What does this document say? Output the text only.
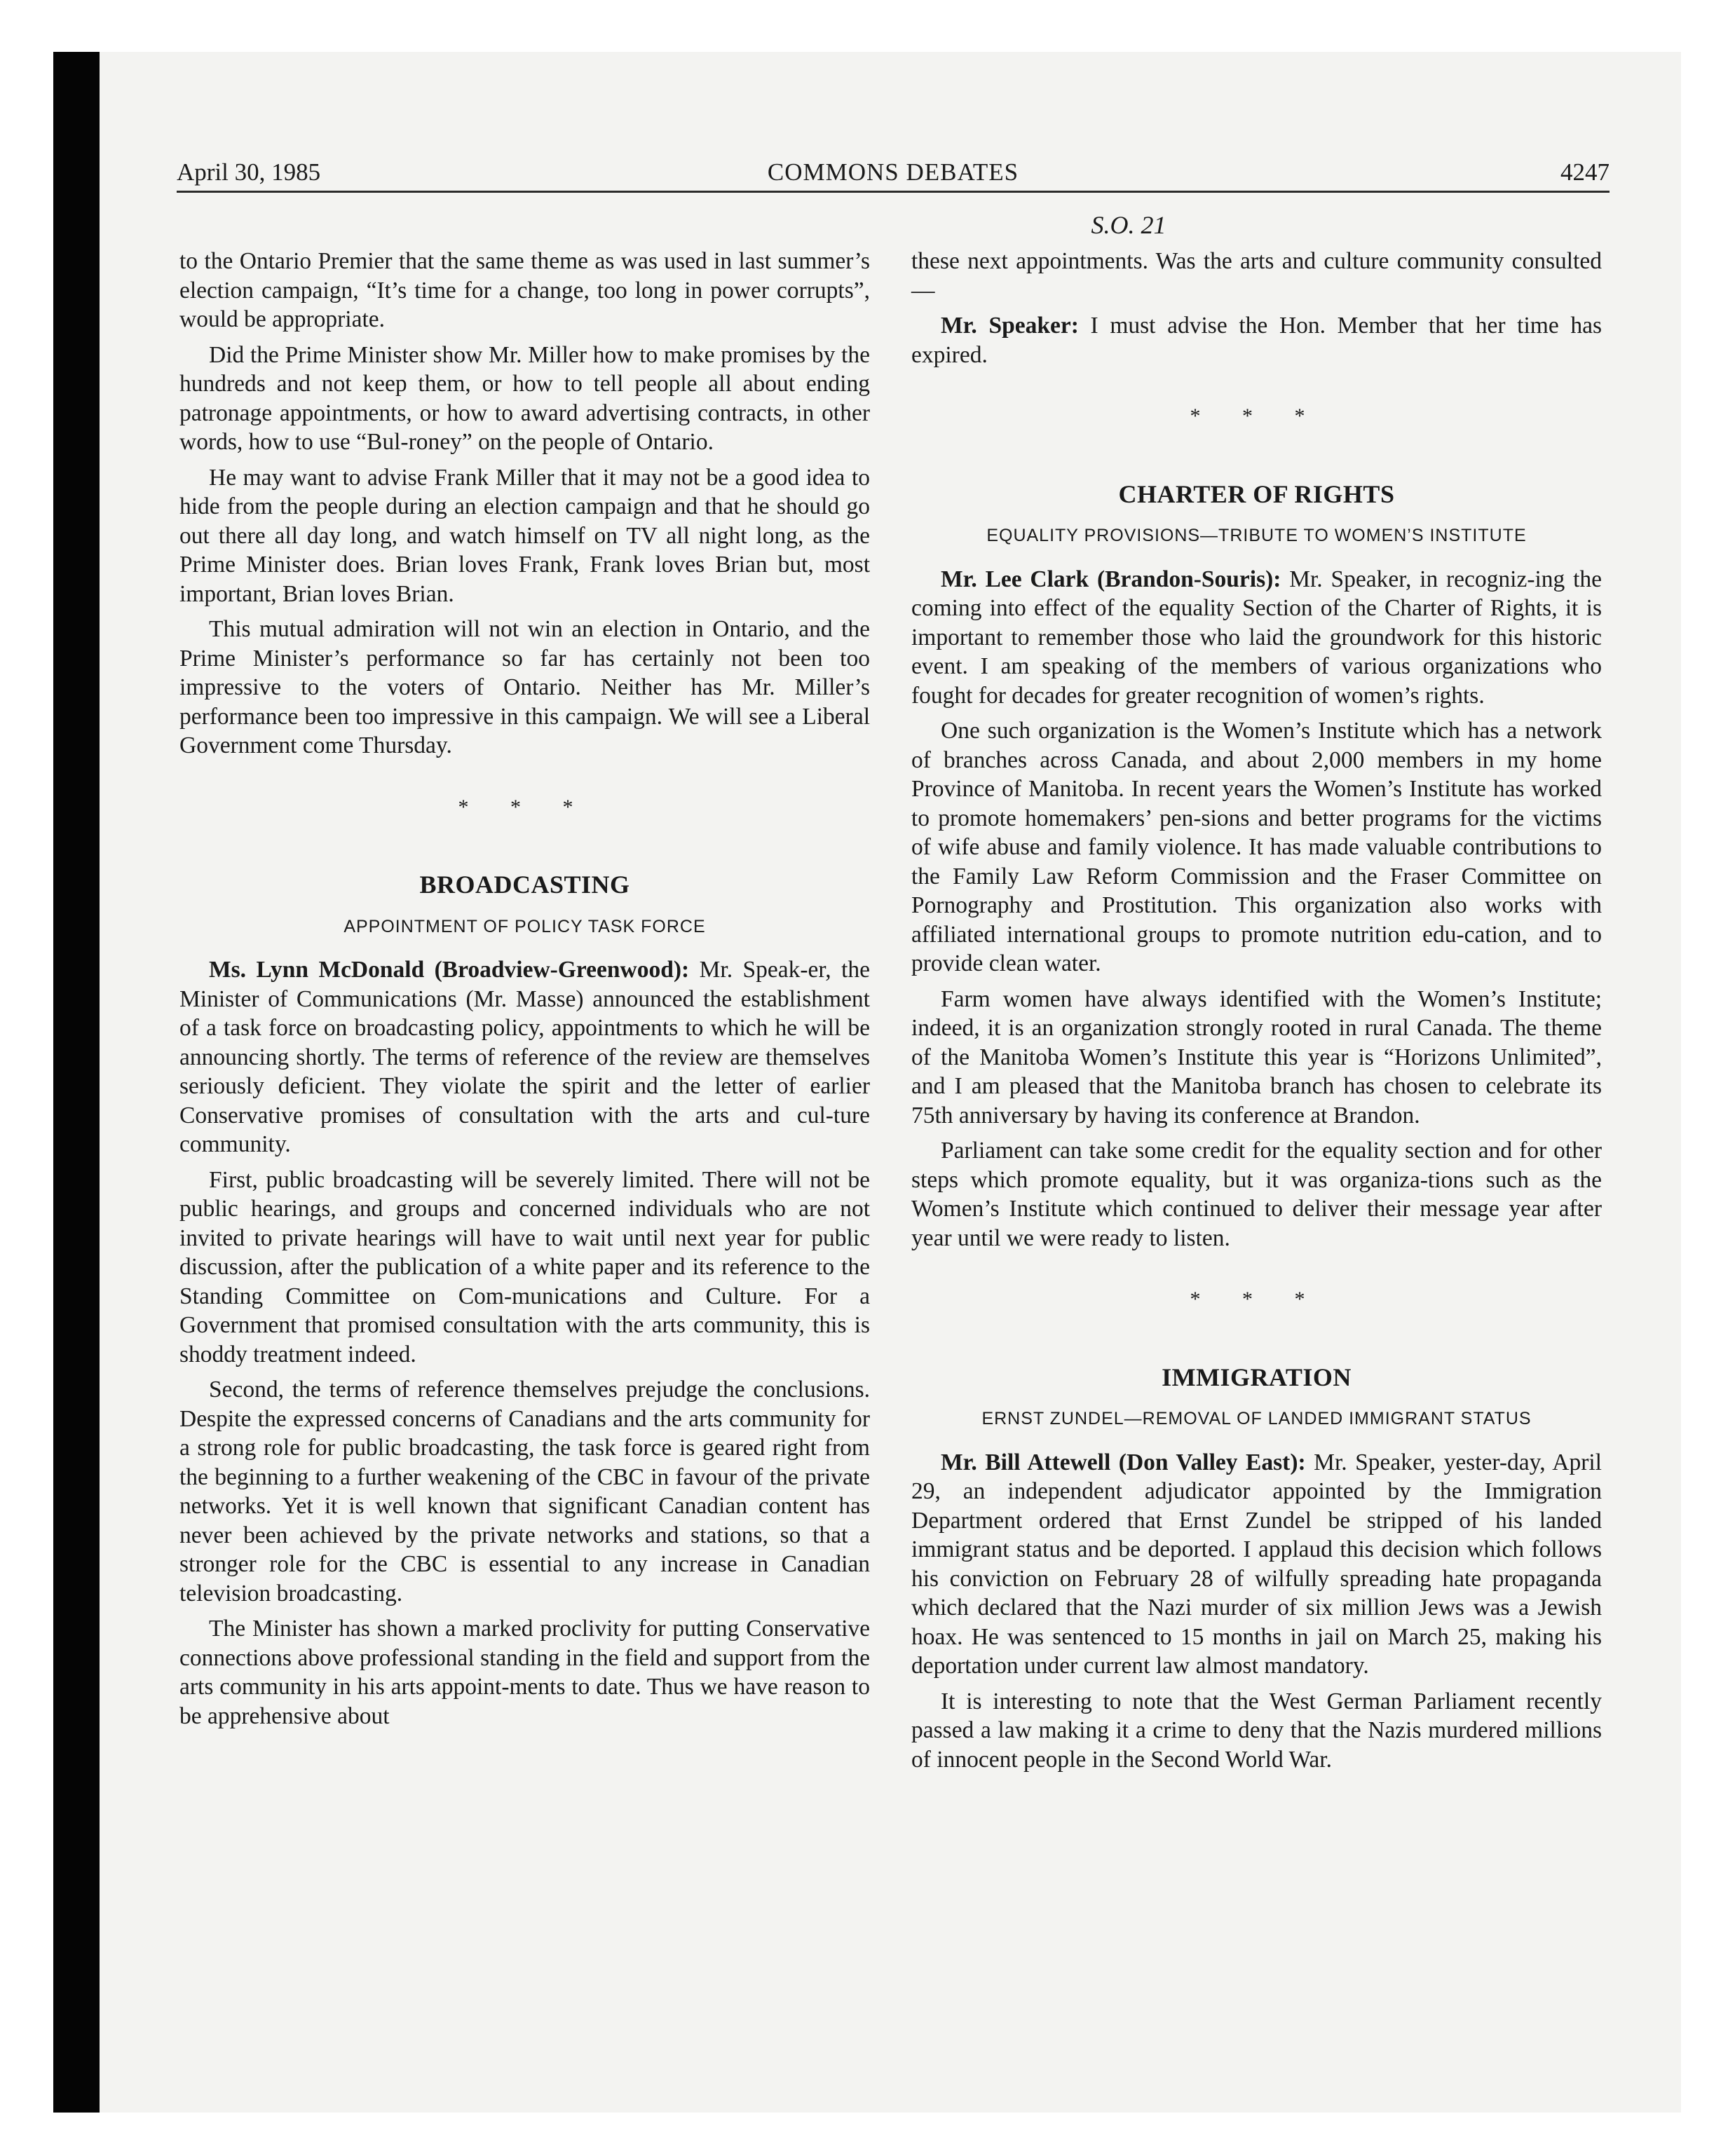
April 30, 1985	COMMONS DEBATES	4247
S.O. 21

to the Ontario Premier that the same theme as was used in last summer’s election campaign, “It’s time for a change, too long in power corrupts”, would be appropriate.

Did the Prime Minister show Mr. Miller how to make promises by the hundreds and not keep them, or how to tell people all about ending patronage appointments, or how to award advertising contracts, in other words, how to use “Bul-roney” on the people of Ontario.

He may want to advise Frank Miller that it may not be a good idea to hide from the people during an election campaign and that he should go out there all day long, and watch himself on TV all night long, as the Prime Minister does. Brian loves Frank, Frank loves Brian but, most important, Brian loves Brian.

This mutual admiration will not win an election in Ontario, and the Prime Minister’s performance so far has certainly not been too impressive to the voters of Ontario. Neither has Mr. Miller’s performance been too impressive in this campaign. We will see a Liberal Government come Thursday.

* * *
BROADCASTING
APPOINTMENT OF POLICY TASK FORCE

Ms. Lynn McDonald (Broadview-Greenwood): Mr. Speak-er, the Minister of Communications (Mr. Masse) announced the establishment of a task force on broadcasting policy, appointments to which he will be announcing shortly. The terms of reference of the review are themselves seriously deficient. They violate the spirit and the letter of earlier Conservative promises of consultation with the arts and cul-ture community.

First, public broadcasting will be severely limited. There will not be public hearings, and groups and concerned individuals who are not invited to private hearings will have to wait until next year for public discussion, after the publication of a white paper and its reference to the Standing Committee on Com-munications and Culture. For a Government that promised consultation with the arts community, this is shoddy treatment indeed.

Second, the terms of reference themselves prejudge the conclusions. Despite the expressed concerns of Canadians and the arts community for a strong role for public broadcasting, the task force is geared right from the beginning to a further weakening of the CBC in favour of the private networks. Yet it is well known that significant Canadian content has never been achieved by the private networks and stations, so that a stronger role for the CBC is essential to any increase in Canadian television broadcasting.

The Minister has shown a marked proclivity for putting Conservative connections above professional standing in the field and support from the arts community in his arts appoint-ments to date. Thus we have reason to be apprehensive about

these next appointments. Was the arts and culture community consulted—

Mr. Speaker: I must advise the Hon. Member that her time has expired.

* * *
CHARTER OF RIGHTS
EQUALITY PROVISIONS—TRIBUTE TO WOMEN’S INSTITUTE

Mr. Lee Clark (Brandon-Souris): Mr. Speaker, in recogniz-ing the coming into effect of the equality Section of the Charter of Rights, it is important to remember those who laid the groundwork for this historic event. I am speaking of the members of various organizations who fought for decades for greater recognition of women’s rights.

One such organization is the Women’s Institute which has a network of branches across Canada, and about 2,000 members in my home Province of Manitoba. In recent years the Women’s Institute has worked to promote homemakers’ pen-sions and better programs for the victims of wife abuse and family violence. It has made valuable contributions to the Family Law Reform Commission and the Fraser Committee on Pornography and Prostitution. This organization also works with affiliated international groups to promote nutrition edu-cation, and to provide clean water.

Farm women have always identified with the Women’s Institute; indeed, it is an organization strongly rooted in rural Canada. The theme of the Manitoba Women’s Institute this year is “Horizons Unlimited”, and I am pleased that the Manitoba branch has chosen to celebrate its 75th anniversary by having its conference at Brandon.

Parliament can take some credit for the equality section and for other steps which promote equality, but it was organiza-tions such as the Women’s Institute which continued to deliver their message year after year until we were ready to listen.

* * *
IMMIGRATION
ERNST ZUNDEL—REMOVAL OF LANDED IMMIGRANT STATUS

Mr. Bill Attewell (Don Valley East): Mr. Speaker, yester-day, April 29, an independent adjudicator appointed by the Immigration Department ordered that Ernst Zundel be stripped of his landed immigrant status and be deported. I applaud this decision which follows his conviction on February 28 of wilfully spreading hate propaganda which declared that the Nazi murder of six million Jews was a Jewish hoax. He was sentenced to 15 months in jail on March 25, making his deportation under current law almost mandatory.

It is interesting to note that the West German Parliament recently passed a law making it a crime to deny that the Nazis murdered millions of innocent people in the Second World War.
